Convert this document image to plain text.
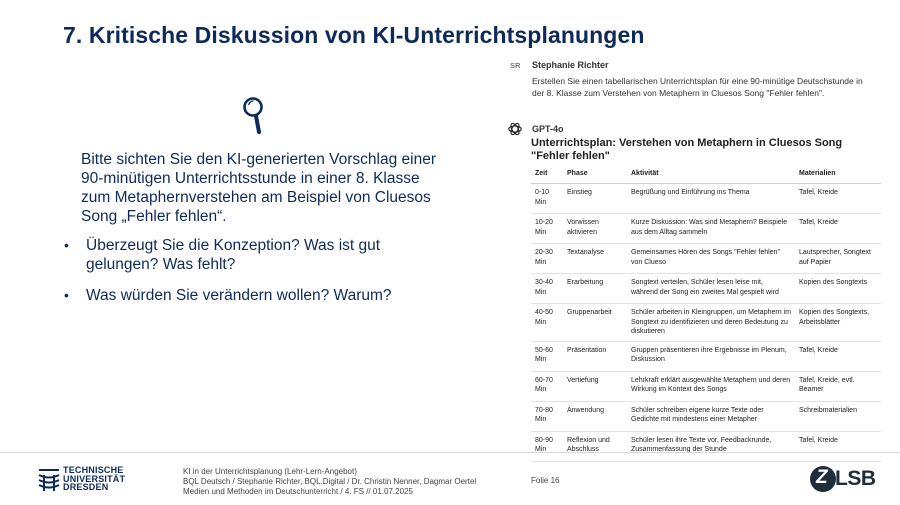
7. Kritische Diskussion von KI-Unterrichtsplanungen

Bitte sichten Sie den KI-generierten Vorschlag einer 90-minütigen Unterrichtsstunde in einer 8. Klasse zum Metaphernverstehen am Beispiel von Cluesos Song „Fehler fehlen“.

• Überzeugt Sie die Konzeption? Was ist gut gelungen? Was fehlt?
• Was würden Sie verändern wollen? Warum?
SR Stephanie Richter
Erstellen Sie einen tabellarischen Unterrichtsplan für eine 90-minütige Deutschstunde in der 8. Klasse zum Verstehen von Metaphern in Cluesos Song "Fehler fehlen".
GPT-4o
Unterrichtsplan: Verstehen von Metaphern in Cluesos Song "Fehler fehlen"
Zeit	Phase	Aktivität	Materialien
0-10 Min	Einstieg	Begrüßung und Einführung ins Thema	Tafel, Kreide
10-20 Min	Vorwissen aktivieren	Kurze Diskussion: Was sind Metaphern? Beispiele aus dem Alltag sammeln	Tafel, Kreide
20-30 Min	Textanalyse	Gemeinsames Hören des Songs "Fehler fehlen" von Clueso	Lautsprecher, Songtext auf Papier
30-40 Min	Erarbeitung	Songtext verteilen, Schüler lesen leise mit, während der Song ein zweites Mal gespielt wird	Kopien des Songtexts
40-50 Min	Gruppenarbeit	Schüler arbeiten in Kleingruppen, um Metaphern im Songtext zu identifizieren und deren Bedeutung zu diskutieren	Kopien des Songtexts, Arbeitsblätter
50-60 Min	Präsentation	Gruppen präsentieren ihre Ergebnisse im Plenum, Diskussion	Tafel, Kreide
60-70 Min	Vertiefung	Lehrkraft erklärt ausgewählte Metaphern und deren Wirkung im Kontext des Songs	Tafel, Kreide, evtl. Beamer
70-80 Min	Anwendung	Schüler schreiben eigene kurze Texte oder Gedichte mit mindestens einer Metapher	Schreibmaterialien
80-90 Min	Reflexion und Abschluss	Schüler lesen ihre Texte vor, Feedbackrunde, Zusammenfassung der Stunde	Tafel, Kreide
TECHNISCHE
UNIVERSITÄT
DRESDEN
KI in der Unterrichtsplanung (Lehr-Lern-Angebot)
BQL Deutsch / Stephanie Richter, BQL.Digital / Dr. Christin Nenner, Dagmar Oertel
Medien und Methoden im Deutschunterricht / 4. FS // 01.07.2025
Folie 16	Z LSB
